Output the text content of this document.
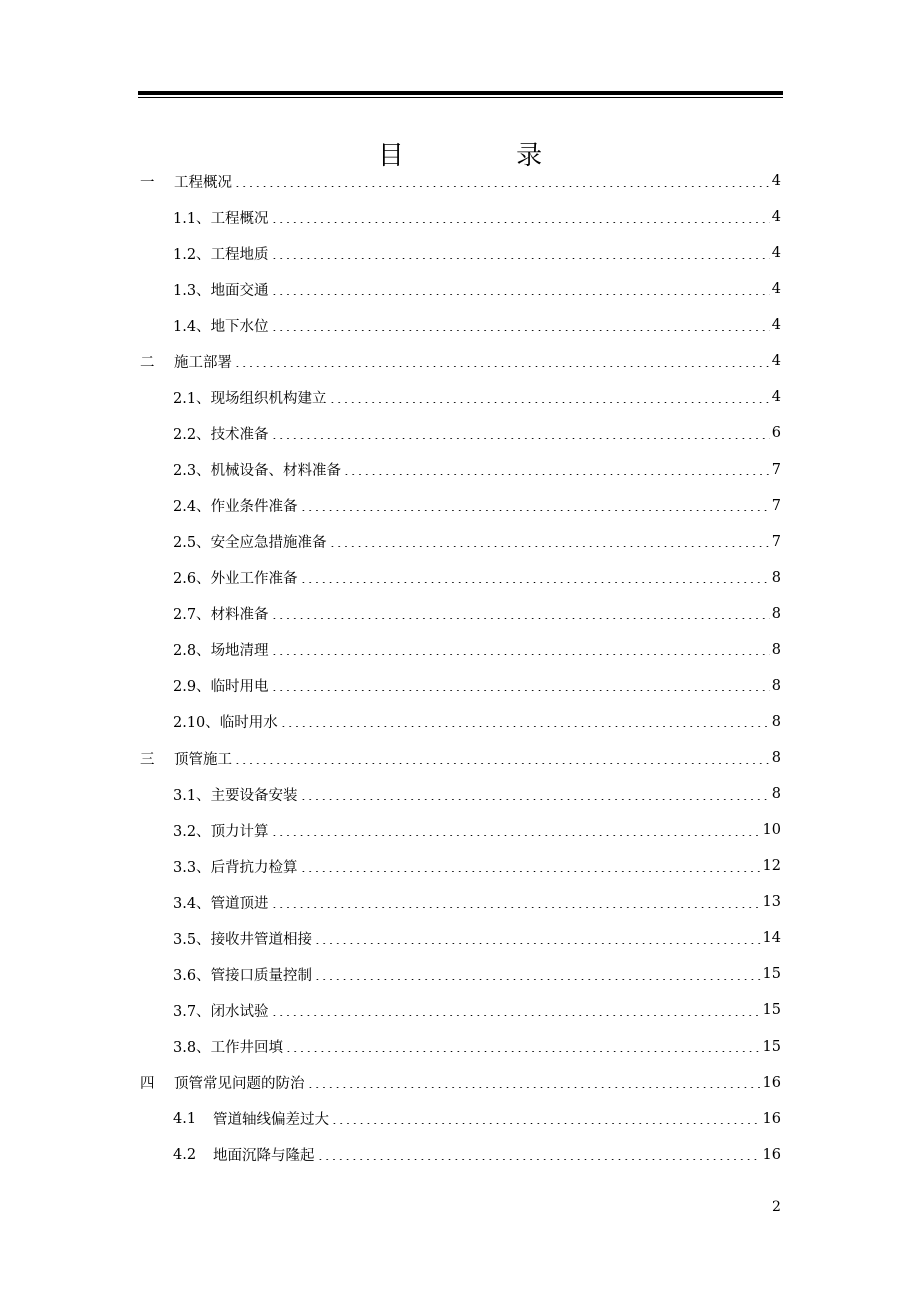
目 录
一	工程概况	4
1.1、 工程概况	4
1.2、 工程地质	4
1.3、 地面交通	4
1.4、 地下水位	4
二	施工部署	4
2.1、 现场组织机构建立	4
2.2、 技术准备	6
2.3、 机械设备、材料准备	7
2.4、 作业条件准备	7
2.5、 安全应急措施准备	7
2.6、 外业工作准备	8
2.7、 材料准备	8
2.8、 场地清理	8
2.9、 临时用电	8
2.10、 临时用水	8
三	顶管施工	8
3.1、 主要设备安装	8
3.2、 顶力计算	10
3.3、 后背抗力检算	12
3.4、 管道顶进	13
3.5、 接收井管道相接	14
3.6、 管接口质量控制	15
3.7、 闭水试验	15
3.8、 工作井回填	15
四	顶管常见问题的防治	16
4.1	管道轴线偏差过大	16
4.2	地面沉降与隆起	16
2
